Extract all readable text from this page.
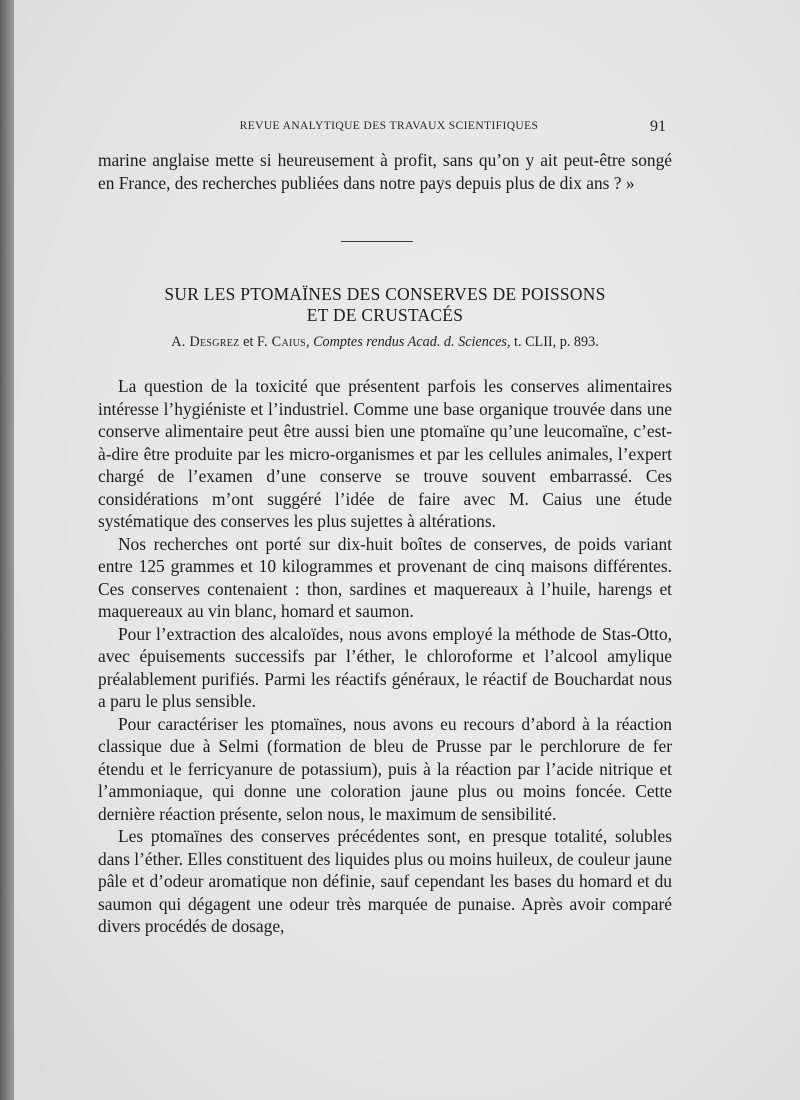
REVUE ANALYTIQUE DES TRAVAUX SCIENTIFIQUES	91

marine anglaise mette si heureusement à profit, sans qu’on y ait peut-être songé en France, des recherches publiées dans notre pays depuis plus de dix ans ? »

SUR LES PTOMAÏNES DES CONSERVES DE POISSONS
ET DE CRUSTACÉS
A. Desgrez et F. Caius, Comptes rendus Acad. d. Sciences, t. CLII, p. 893.

La question de la toxicité que présentent parfois les conserves alimentaires intéresse l’hygiéniste et l’industriel. Comme une base organique trouvée dans une conserve alimentaire peut être aussi bien une ptomaïne qu’une leucomaïne, c’est-à-dire être produite par les micro-organismes et par les cellules animales, l’expert chargé de l’examen d’une conserve se trouve souvent embarrassé. Ces considérations m’ont suggéré l’idée de faire avec M. Caius une étude systématique des conserves les plus sujettes à altérations.

Nos recherches ont porté sur dix-huit boîtes de conserves, de poids variant entre 125 grammes et 10 kilogrammes et provenant de cinq maisons différentes. Ces conserves contenaient : thon, sardines et maquereaux à l’huile, harengs et maquereaux au vin blanc, homard et saumon.

Pour l’extraction des alcaloïdes, nous avons employé la méthode de Stas-Otto, avec épuisements successifs par l’éther, le chloroforme et l’alcool amylique préalablement purifiés. Parmi les réactifs généraux, le réactif de Bouchardat nous a paru le plus sensible.

Pour caractériser les ptomaïnes, nous avons eu recours d’abord à la réaction classique due à Selmi (formation de bleu de Prusse par le perchlorure de fer étendu et le ferricyanure de potassium), puis à la réaction par l’acide nitrique et l’ammoniaque, qui donne une coloration jaune plus ou moins foncée. Cette dernière réaction présente, selon nous, le maximum de sensibilité.

Les ptomaïnes des conserves précédentes sont, en presque totalité, solubles dans l’éther. Elles constituent des liquides plus ou moins huileux, de couleur jaune pâle et d’odeur aromatique non définie, sauf cependant les bases du homard et du saumon qui dégagent une odeur très marquée de punaise. Après avoir comparé divers procédés de dosage,
